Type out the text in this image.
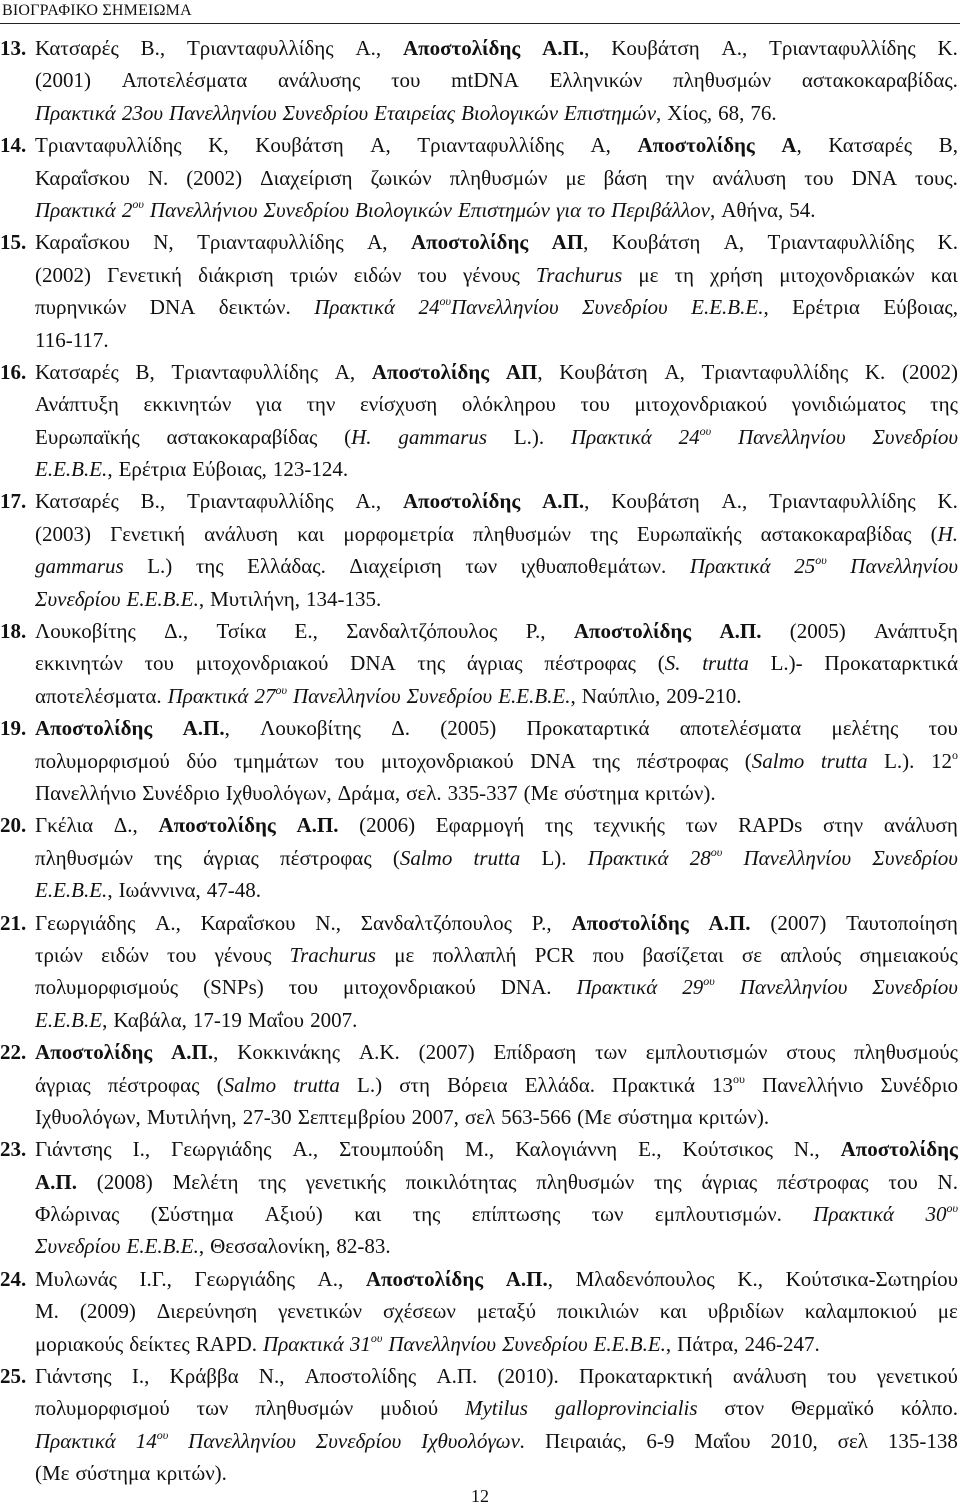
ΒΙΟΓΡΑΦΙΚΟ ΣΗΜΕΙΩΜΑ
13. Κατσαρές Β., Τριανταφυλλίδης Α., Αποστολίδης Α.Π., Κουβάτση Α., Τριανταφυλλίδης Κ.
(2001) Αποτελέσματα ανάλυσης του mtDNA Ελληνικών πληθυσμών αστακοκαραβίδας.
Πρακτικά 23ου Πανελληνίου Συνεδρίου Εταιρείας Βιολογικών Επιστημών, Χίος, 68, 76.
14. Τριανταφυλλίδης Κ, Κουβάτση Α, Τριανταφυλλίδης Α, Αποστολίδης Α, Κατσαρές Β,
Καραΐσκου Ν. (2002) Διαχείριση ζωικών πληθυσμών με βάση την ανάλυση του DNA τους.
Πρακτικά $2^{o\upsilon}$ Πανελλήνιου Συνεδρίου Βιολογικών Επιστημών για το Περιβάλλον, Αθήνα, 54.
15. Καραΐσκου Ν, Τριανταφυλλίδης Α, Αποστολίδης ΑΠ, Κουβάτση Α, Τριανταφυλλίδης Κ.
(2002) Γενετική διάκριση τριών ειδών του γένους Trachurus με τη χρήση μιτοχονδριακών και
πυρηνικών DNA δεικτών. Πρακτικά $24^{o\upsilon}\Pi\alpha\nu\varepsilon\lambda\lambda\eta\nu ίo\upsilon$ Συνεδρίου Ε.Ε.Β.Ε., Ερέτρια Εύβοιας,
116-117.
16. Κατσαρές Β, Τριανταφυλλίδης Α, Αποστολίδης ΑΠ, Κουβάτση Α, Τριανταφυλλίδης Κ. (2002)
Ανάπτυξη εκκινητών για την ενίσχυση ολόκληρου του μιτοχονδριακού γονιδιώματος της
Ευρωπαϊκής αστακοκαραβίδας (H. gammarus L.). Πρακτικά $24^{o\upsilon}$ Πανελληνίου Συνεδρίου
Ε.Ε.Β.Ε., Ερέτρια Εύβοιας, 123-124.
17. Κατσαρές Β., Τριανταφυλλίδης Α., Αποστολίδης Α.Π., Κουβάτση Α., Τριανταφυλλίδης Κ.
(2003) Γενετική ανάλυση και μορφομετρία πληθυσμών της Ευρωπαϊκής αστακοκαραβίδας (H.
gammarus L.) της Ελλάδας. Διαχείριση των ιχθυαποθεμάτων. Πρακτικά $25^{o\upsilon}$ Πανελληνίου
Συνεδρίου Ε.Ε.Β.Ε., Μυτιλήνη, 134-135.
18. Λουκοβίτης Δ., Τσίκα Ε., Σανδαλτζόπουλος Ρ., Αποστολίδης Α.Π. (2005) Ανάπτυξη
εκκινητών του μιτοχονδριακού DNA της άγριας πέστροφας (S. trutta L.)- Προκαταρκτικά
αποτελέσματα. Πρακτικά $27^{o\upsilon}$ Πανελληνίου Συνεδρίου Ε.Ε.Β.Ε., Ναύπλιο, 209-210.
19. Αποστολίδης Α.Π., Λουκοβίτης Δ. (2005) Προκαταρτικά αποτελέσματα μελέτης του
πολυμορφισμού δύο τμημάτων του μιτοχονδριακού DNA της πέστροφας (Salmo trutta L.). $12^o$
Πανελλήνιο Συνέδριο Ιχθυολόγων, Δράμα, σελ. 335-337 (Με σύστημα κριτών).
20. Γκέλια Δ., Αποστολίδης Α.Π. (2006) Εφαρμογή της τεχνικής των RAPDs στην ανάλυση
πληθυσμών της άγριας πέστροφας (Salmo trutta L). Πρακτικά $28^{o\upsilon}$ Πανελληνίου Συνεδρίου
Ε.Ε.Β.Ε., Ιωάννινα, 47-48.
21. Γεωργιάδης Α., Καραΐσκου Ν., Σανδαλτζόπουλος Ρ., Αποστολίδης Α.Π. (2007) Ταυτοποίηση
τριών ειδών του γένους Trachurus με πολλαπλή PCR που βασίζεται σε απλούς σημειακούς
πολυμορφισμούς (SNPs) του μιτοχονδριακού DNA. Πρακτικά $29^{o\upsilon}$ Πανελληνίου Συνεδρίου
Ε.Ε.Β.Ε, Καβάλα, 17-19 Μαΐου 2007.
22. Αποστολίδης Α.Π., Κοκκινάκης Α.Κ. (2007) Επίδραση των εμπλουτισμών στους πληθυσμούς
άγριας πέστροφας (Salmo trutta L.) στη Βόρεια Ελλάδα. Πρακτικά $13^{o\upsilon}$ Πανελλήνιο Συνέδριο
Ιχθυολόγων, Μυτιλήνη, 27-30 Σεπτεμβρίου 2007, σελ 563-566 (Με σύστημα κριτών).
23. Γιάντσης Ι., Γεωργιάδης Α., Στουμπούδη Μ., Καλογιάννη Ε., Κούτσικος Ν., Αποστολίδης
Α.Π. (2008) Μελέτη της γενετικής ποικιλότητας πληθυσμών της άγριας πέστροφας του Ν.
Φλώρινας (Σύστημα Αξιού) και της επίπτωσης των εμπλουτισμών. Πρακτικά $30^{o\upsilon}$
Συνεδρίου Ε.Ε.Β.Ε., Θεσσαλονίκη, 82-83.
24. Μυλωνάς Ι.Γ., Γεωργιάδης Α., Αποστολίδης Α.Π., Μλαδενόπουλος Κ., Κούτσικα-Σωτηρίου
Μ. (2009) Διερεύνηση γενετικών σχέσεων μεταξύ ποικιλιών και υβριδίων καλαμποκιού με
μοριακούς δείκτες RAPD. Πρακτικά $31^{o\upsilon}$ Πανελληνίου Συνεδρίου Ε.Ε.Β.Ε., Πάτρα, 246-247.
25. Γιάντσης Ι., Κράββα Ν., Αποστολίδης Α.Π. (2010). Προκαταρκτική ανάλυση του γενετικού
πολυμορφισμού των πληθυσμών μυδιού Mytilus galloprovincialis στον Θερμαϊκό κόλπο.
Πρακτικά $14^{o\upsilon}$ Πανελληνίου Συνεδρίου Ιχθυολόγων. Πειραιάς, 6-9 Μαΐου 2010, σελ 135-138
(Με σύστημα κριτών).
12
